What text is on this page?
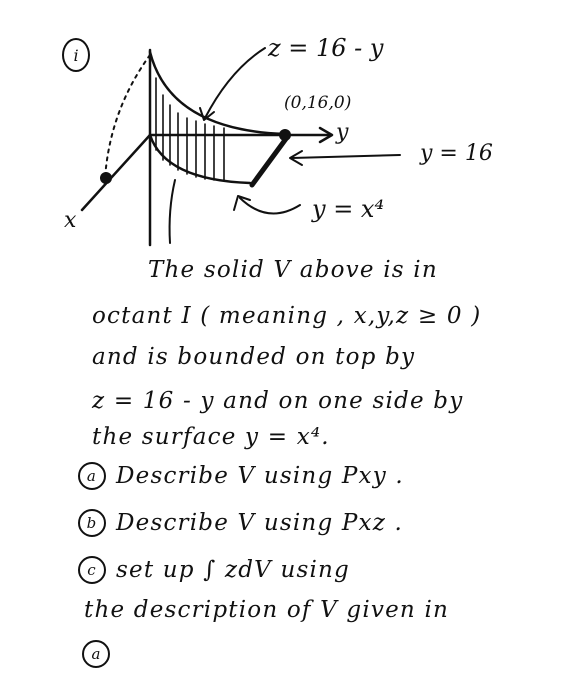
i	z = 16 - y
(0,16,0)
y
y = 16
x	y = x⁴
The solid V above is in
octant I ( meaning , x,y,z ≥ 0 )
and is bounded on top by
z = 16 - y and on one side by
the surface y = x⁴.
a Describe V using Pxy .
b Describe V using Pxz .
c set up ∫ zdV using
the description of V given in
a
